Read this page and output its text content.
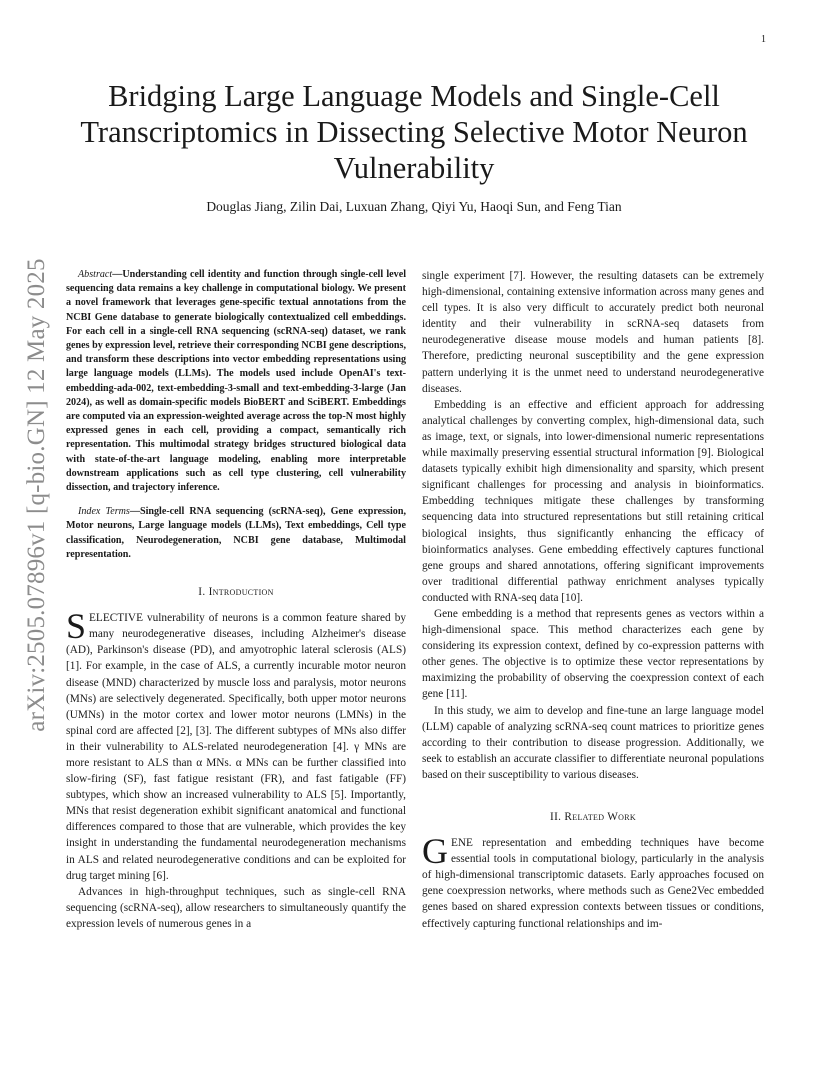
1
arXiv:2505.07896v1 [q-bio.GN] 12 May 2025
Bridging Large Language Models and Single-Cell Transcriptomics in Dissecting Selective Motor Neuron Vulnerability
Douglas Jiang, Zilin Dai, Luxuan Zhang, Qiyi Yu, Haoqi Sun, and Feng Tian

Abstract—Understanding cell identity and function through single-cell level sequencing data remains a key challenge in computational biology. We present a novel framework that leverages gene-specific textual annotations from the NCBI Gene database to generate biologically contextualized cell embeddings. For each cell in a single-cell RNA sequencing (scRNA-seq) dataset, we rank genes by expression level, retrieve their corresponding NCBI gene descriptions, and transform these descriptions into vector embedding representations using large language models (LLMs). The models used include OpenAI's text-embedding-ada-002, text-embedding-3-small and text-embedding-3-large (Jan 2024), as well as domain-specific models BioBERT and SciBERT. Embeddings are computed via an expression-weighted average across the top-N most highly expressed genes in each cell, providing a compact, semantically rich representation. This multimodal strategy bridges structured biological data with state-of-the-art language modeling, enabling more interpretable downstream applications such as cell type clustering, cell vulnerability dissection, and trajectory inference.

Index Terms—Single-cell RNA sequencing (scRNA-seq), Gene expression, Motor neurons, Large language models (LLMs), Text embeddings, Cell type classification, Neurodegeneration, NCBI gene database, Multimodal representation.

I. Introduction

SELECTIVE vulnerability of neurons is a common feature shared by many neurodegenerative diseases, including Alzheimer's disease (AD), Parkinson's disease (PD), and amyotrophic lateral sclerosis (ALS) [1]. For example, in the case of ALS, a currently incurable motor neuron disease (MND) characterized by muscle loss and paralysis, motor neurons (MNs) are selectively degenerated. Specifically, both upper motor neurons (UMNs) in the motor cortex and lower motor neurons (LMNs) in the spinal cord are affected [2], [3]. The different subtypes of MNs also differ in their vulnerability to ALS-related neurodegeneration [4]. γ MNs are more resistant to ALS than α MNs. α MNs can be further classified into slow-firing (SF), fast fatigue resistant (FR), and fast fatigable (FF) subtypes, which show an increased vulnerability to ALS [5]. Importantly, MNs that resist degeneration exhibit significant anatomical and functional differences compared to those that are vulnerable, which provides the key insight in understanding the fundamental neurodegeneration mechanisms in ALS and related neurodegenerative conditions and can be exploited for drug target mining [6].

Advances in high-throughput techniques, such as single-cell RNA sequencing (scRNA-seq), allow researchers to simultaneously quantify the expression levels of numerous genes in a

single experiment [7]. However, the resulting datasets can be extremely high-dimensional, containing extensive information across many genes and cell types. It is also very difficult to accurately predict both neuronal identity and their vulnerability in scRNA-seq datasets from neurodegenerative disease mouse models and human patients [8]. Therefore, predicting neuronal susceptibility and the gene expression pattern underlying it is the unmet need to understand neurodegenerative diseases.

Embedding is an effective and efficient approach for addressing analytical challenges by converting complex, high-dimensional data, such as image, text, or signals, into lower-dimensional numeric representations while maximally preserving essential structural information [9]. Biological datasets typically exhibit high dimensionality and sparsity, which present significant challenges for processing and analysis in bioinformatics. Embedding techniques mitigate these challenges by transforming sequencing data into structured representations but still retaining critical biological insights, thus significantly enhancing the efficacy of bioinformatics analyses. Gene embedding effectively captures functional gene groups and shared annotations, offering significant improvements over traditional differential pathway enrichment analyses typically conducted with RNA-seq data [10].

Gene embedding is a method that represents genes as vectors within a high-dimensional space. This method characterizes each gene by considering its expression context, defined by co-expression patterns with other genes. The objective is to optimize these vector representations by maximizing the probability of observing the coexpression context of each gene [11].

In this study, we aim to develop and fine-tune an large language model (LLM) capable of analyzing scRNA-seq count matrices to prioritize genes according to their contribution to disease progression. Additionally, we seek to establish an accurate classifier to differentiate neuronal populations based on their susceptibility to various diseases.

II. Related Work

GENE representation and embedding techniques have become essential tools in computational biology, particularly in the analysis of high-dimensional transcriptomic datasets. Early approaches focused on gene coexpression networks, where methods such as Gene2Vec embedded genes based on shared expression contexts between tissues or conditions, effectively capturing functional relationships and im-
